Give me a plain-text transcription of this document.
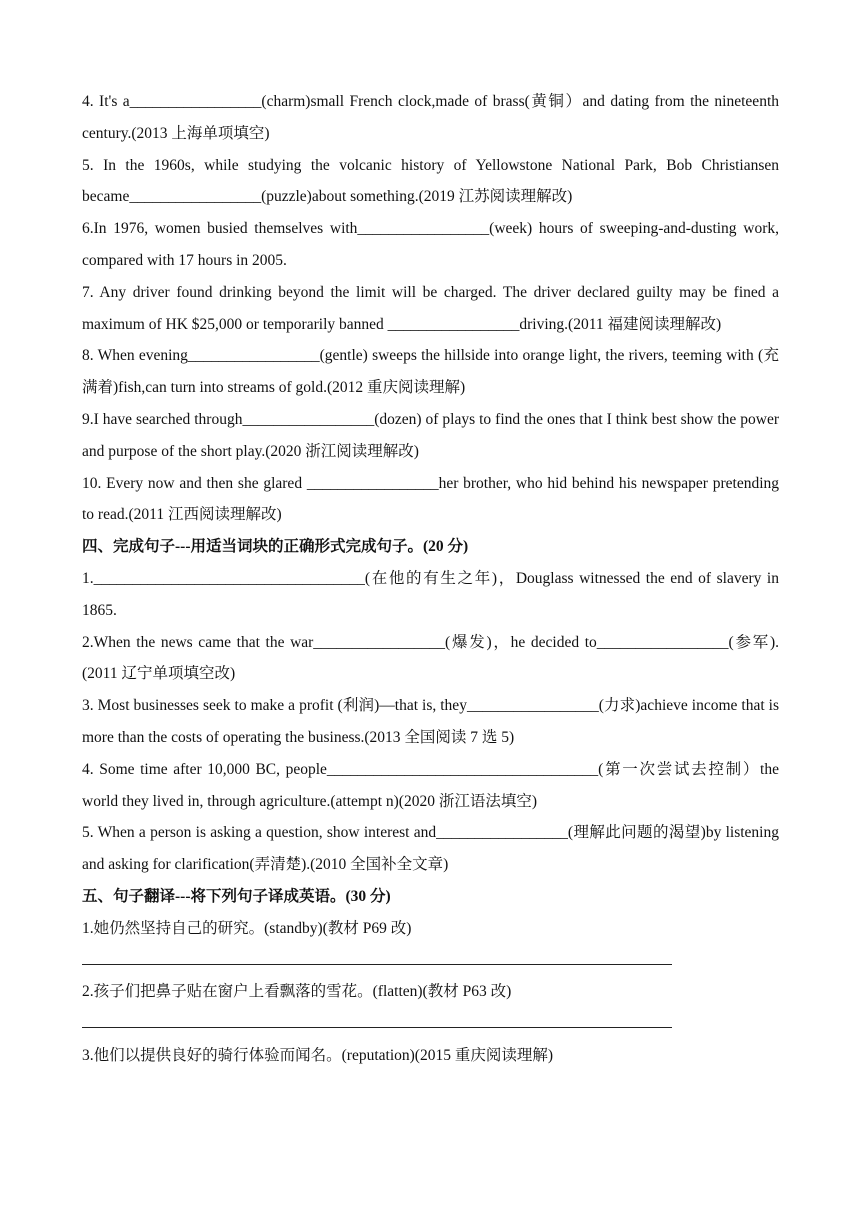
4. It's a_________________(charm)small French clock,made of brass(黄铜）and dating from the nineteenth century.(2013 上海单项填空)

5. In the 1960s, while studying the volcanic history of Yellowstone National Park, Bob Christiansen became_________________(puzzle)about something.(2019 江苏阅读理解改)

6.In 1976, women busied themselves with_________________(week) hours of sweeping-and-dusting work, compared with 17 hours in 2005.

7. Any driver found drinking beyond the limit will be charged. The driver declared guilty may be fined a maximum of HK $25,000 or temporarily banned _________________driving.(2011 福建阅读理解改)

8. When evening_________________(gentle) sweeps the hillside into orange light, the rivers, teeming with (充满着)fish,can turn into streams of gold.(2012 重庆阅读理解)

9.I have searched through_________________(dozen) of plays to find the ones that I think best show the power and purpose of the short play.(2020 浙江阅读理解改)

10. Every now and then she glared _________________her brother, who hid behind his newspaper pretending to read.(2011 江西阅读理解改)

四、完成句子---用适当词块的正确形式完成句子。(20 分)

1.___________________________________(在他的有生之年)，Douglass witnessed the end of slavery in 1865.

2.When the news came that the war_________________(爆发)，he decided to_________________(参军).(2011 辽宁单项填空改)

3. Most businesses seek to make a profit (利润)—that is, they_________________(力求)achieve income that is more than the costs of operating the business.(2013 全国阅读 7 选 5)

4. Some time after 10,000 BC, people___________________________________(第一次尝试去控制）the world they lived in, through agriculture.(attempt n)(2020 浙江语法填空)

5. When a person is asking a question, show interest and_________________(理解此问题的渴望)by listening and asking for clarification(弄清楚).(2010 全国补全文章)

五、句子翻译---将下列句子译成英语。(30 分)

1.她仍然坚持自己的研究。(standby)(教材 P69 改)

2.孩子们把鼻子贴在窗户上看飘落的雪花。(flatten)(教材 P63 改)

3.他们以提供良好的骑行体验而闻名。(reputation)(2015 重庆阅读理解)
